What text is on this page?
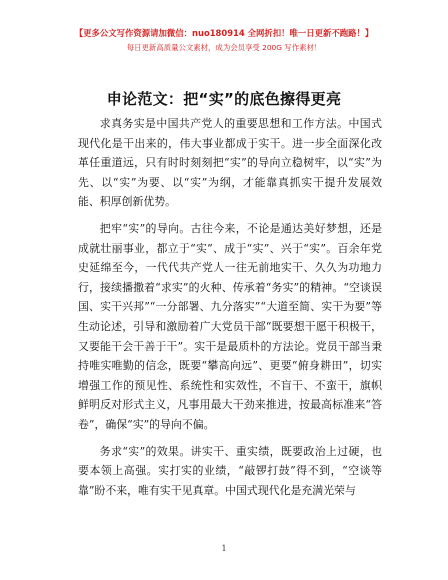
【更多公文写作资源请加微信：nuo180914 全网折扣！唯一日更新不跑路！】
每日更新高质量公文素材，成为会员享受 200G 写作素材！
申论范文：把“实”的底色擦得更亮

求真务实是中国共产党人的重要思想和工作方法。中国式现代化是干出来的，伟大事业都成于实干。进一步全面深化改革任重道远，只有时时刻刻把“实”的导向立稳树牢，以“实”为先、以“实”为要、以“实”为纲，才能靠真抓实干提升发展效能、积厚创新优势。

把牢“实”的导向。古往今来，不论是通达美好梦想，还是成就壮丽事业，都立于“实”、成于“实”、兴于“实”。百余年党史延绵至今，一代代共产党人一往无前地实干、久久为功地力行，接续播撒着“求实”的火种、传承着“务实”的精神。“空谈误国、实干兴邦”“一分部署、九分落实”“大道至简、实干为要”等生动论述，引导和激励着广大党员干部“既要想干愿干积极干，又要能干会干善于干”。实干是最质朴的方法论。党员干部当秉持唯实唯勤的信念，既要“攀高向远”、更要“俯身耕田”，切实增强工作的预见性、系统性和实效性，不盲干、不蛮干，旗帜鲜明反对形式主义，凡事用最大干劲来推进，按最高标准来“答卷”，确保“实”的导向不偏。

务求“实”的效果。讲实干、重实绩，既要政治上过硬，也要本领上高强。实打实的业绩，“敲锣打鼓”得不到，“空谈等靠”盼不来，唯有实干见真章。中国式现代化是充满光荣与

1
